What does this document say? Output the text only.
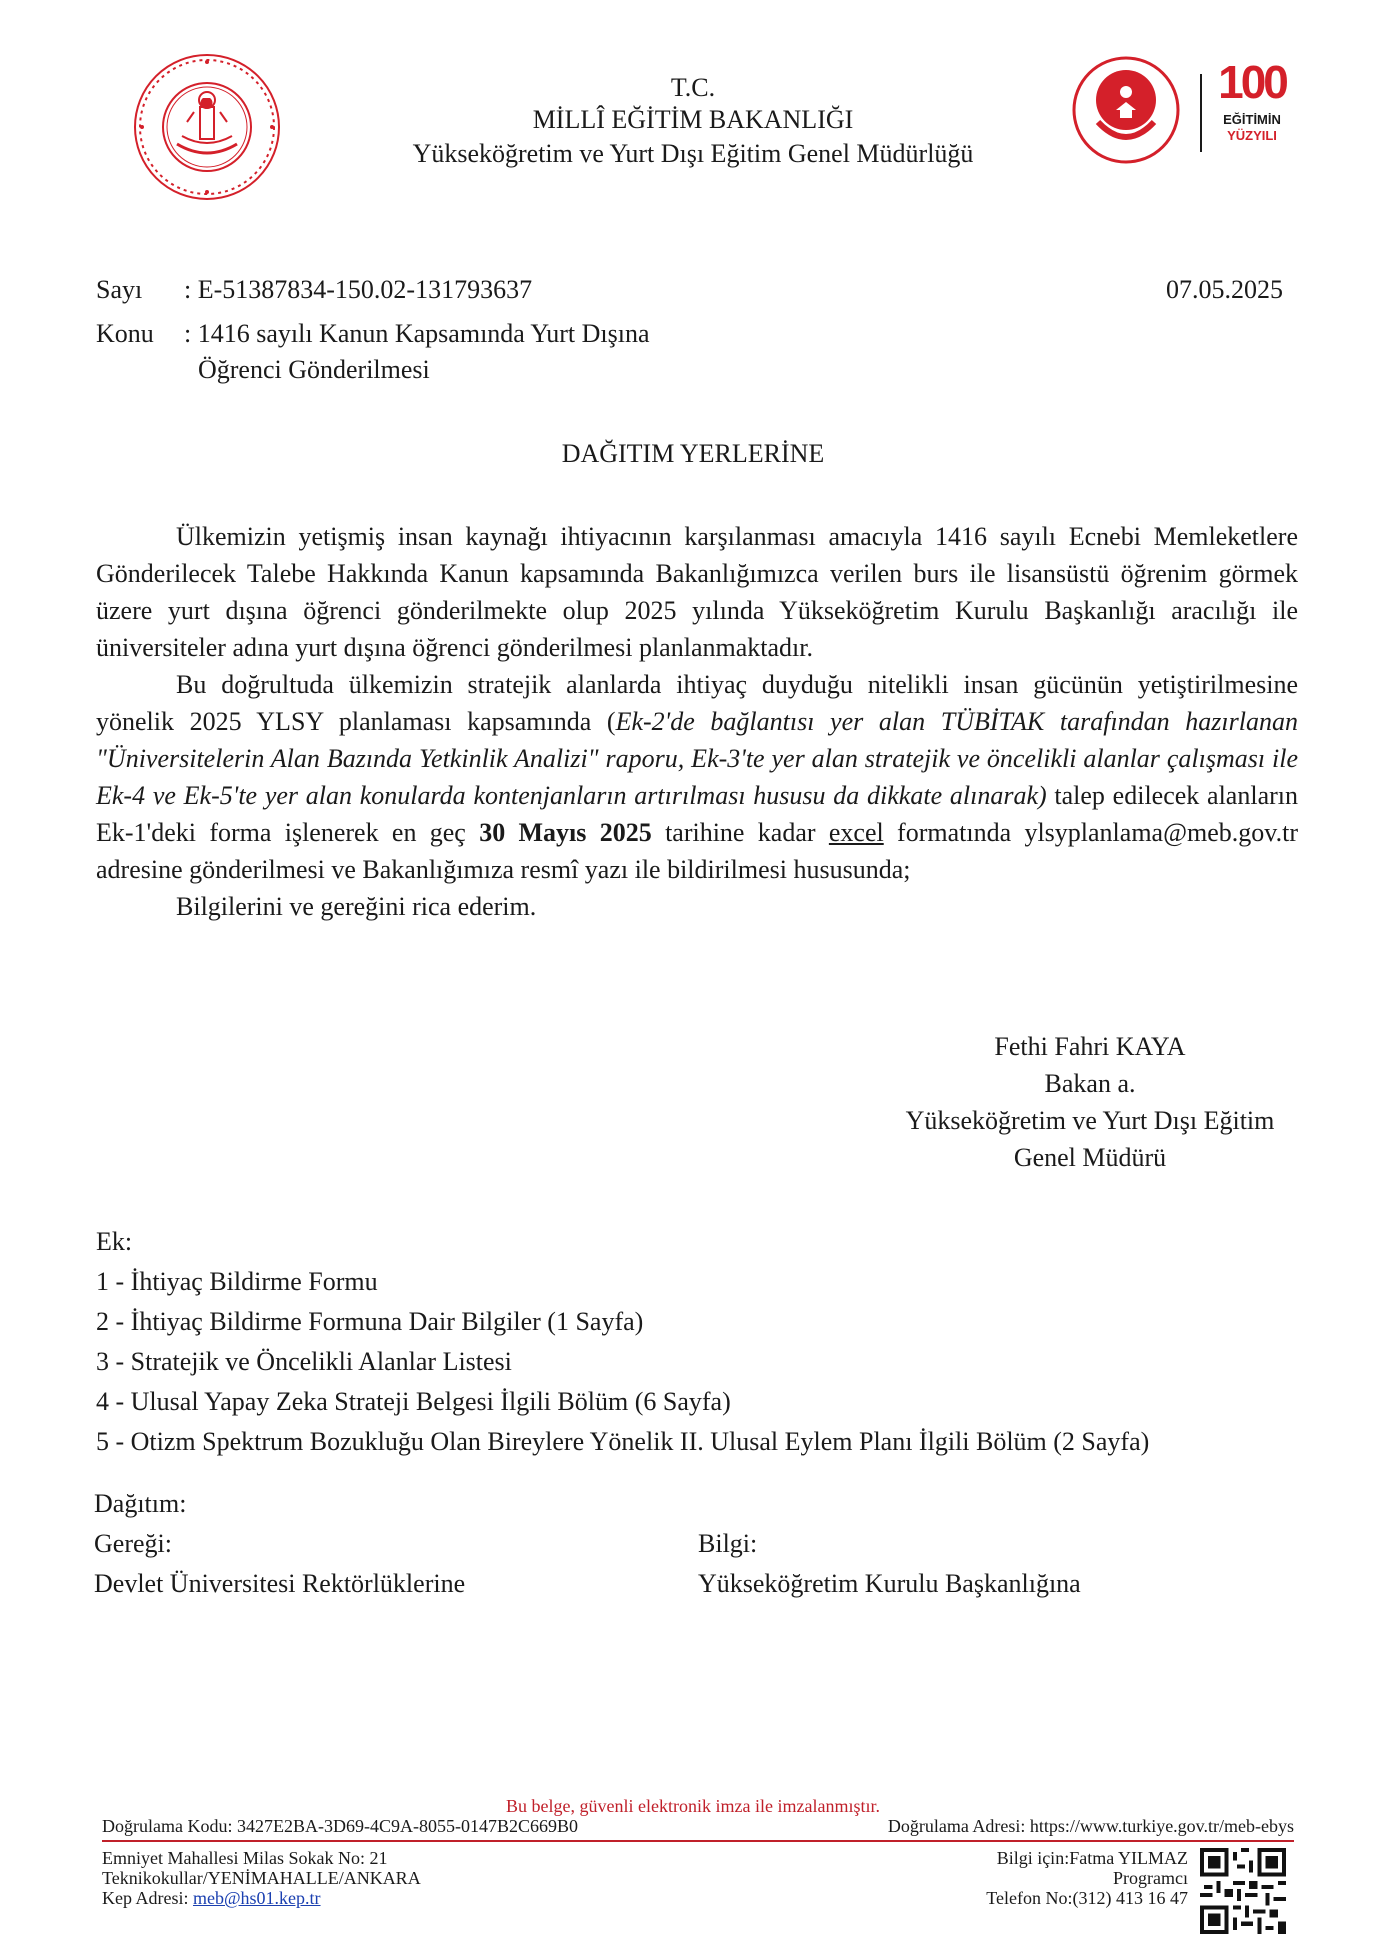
T.C.
MİLLÎ EĞİTİM BAKANLIĞI
Yükseköğretim ve Yurt Dışı Eğitim Genel Müdürlüğü
100
EĞİTİMİN
YÜZYILI
Sayı : E-51387834-150.02-131793637	07.05.2025
Konu : 1416 sayılı Kanun Kapsamında Yurt Dışına
Öğrenci Gönderilmesi
DAĞITIM YERLERİNE

Ülkemizin yetişmiş insan kaynağı ihtiyacının karşılanması amacıyla 1416 sayılı Ecnebi Memleketlere Gönderilecek Talebe Hakkında Kanun kapsamında Bakanlığımızca verilen burs ile lisansüstü öğrenim görmek üzere yurt dışına öğrenci gönderilmekte olup 2025 yılında Yükseköğretim Kurulu Başkanlığı aracılığı ile üniversiteler adına yurt dışına öğrenci gönderilmesi planlanmaktadır.

Bu doğrultuda ülkemizin stratejik alanlarda ihtiyaç duyduğu nitelikli insan gücünün yetiştirilmesine yönelik 2025 YLSY planlaması kapsamında (Ek-2'de bağlantısı yer alan TÜBİTAK tarafından hazırlanan "Üniversitelerin Alan Bazında Yetkinlik Analizi" raporu, Ek-3'te yer alan stratejik ve öncelikli alanlar çalışması ile Ek-4 ve Ek-5'te yer alan konularda kontenjanların artırılması hususu da dikkate alınarak) talep edilecek alanların Ek-1'deki forma işlenerek en geç 30 Mayıs 2025 tarihine kadar excel formatında ylsyplanlama@meb.gov.tr adresine gönderilmesi ve Bakanlığımıza resmî yazı ile bildirilmesi hususunda;

Bilgilerini ve gereğini rica ederim.

Fethi Fahri KAYA
Bakan a.
Yükseköğretim ve Yurt Dışı Eğitim
Genel Müdürü
Ek:
1 - İhtiyaç Bildirme Formu
2 - İhtiyaç Bildirme Formuna Dair Bilgiler (1 Sayfa)
3 - Stratejik ve Öncelikli Alanlar Listesi
4 - Ulusal Yapay Zeka Strateji Belgesi İlgili Bölüm (6 Sayfa)
5 - Otizm Spektrum Bozukluğu Olan Bireylere Yönelik II. Ulusal Eylem Planı İlgili Bölüm (2 Sayfa)
Dağıtım:
Gereği:
Devlet Üniversitesi Rektörlüklerine
Bilgi:
Yükseköğretim Kurulu Başkanlığına
Bu belge, güvenli elektronik imza ile imzalanmıştır.
Doğrulama Kodu: 3427E2BA-3D69-4C9A-8055-0147B2C669B0	Doğrulama Adresi: https://www.turkiye.gov.tr/meb-ebys
Emniyet Mahallesi Milas Sokak No: 21
Teknikokullar/YENİMAHALLE/ANKARA
Kep Adresi: meb@hs01.kep.tr
Bilgi için:Fatma YILMAZ
Programcı
Telefon No:(312) 413 16 47
